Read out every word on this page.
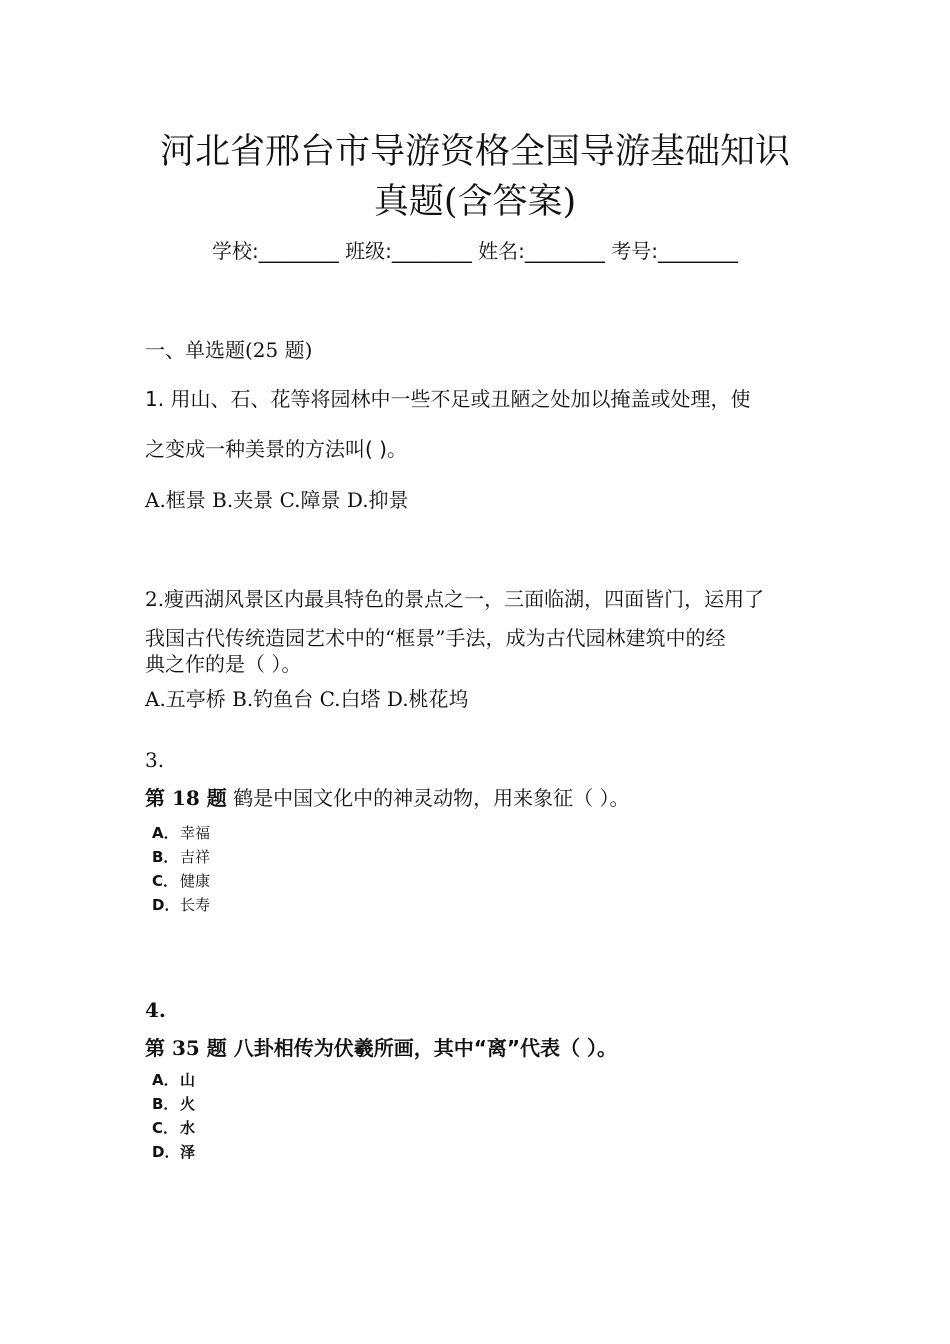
河北省邢台市导游资格全国导游基础知识
真题(含答案)
学校:________ 班级:________ 姓名:________ 考号:________
一、单选题(25 题)
1. 用山、石、花等将园林中一些不足或丑陋之处加以掩盖或处理，使
之变成一种美景的方法叫( )。
A.框景 B.夹景 C.障景 D.抑景
2.瘦西湖风景区内最具特色的景点之一，三面临湖，四面皆门，运用了
我国古代传统造园艺术中的“框景”手法，成为古代园林建筑中的经
典之作的是（ ）。
A.五亭桥 B.钓鱼台 C.白塔 D.桃花坞
3.
第 18 题 鹤是中国文化中的神灵动物，用来象征（ ）。
A．幸福
B． 吉祥
C． 健康
D．长寿
4.
第 35 题 八卦相传为伏羲所画，其中“离”代表（ ）。
A．山
B． 火
C． 水
D．泽
